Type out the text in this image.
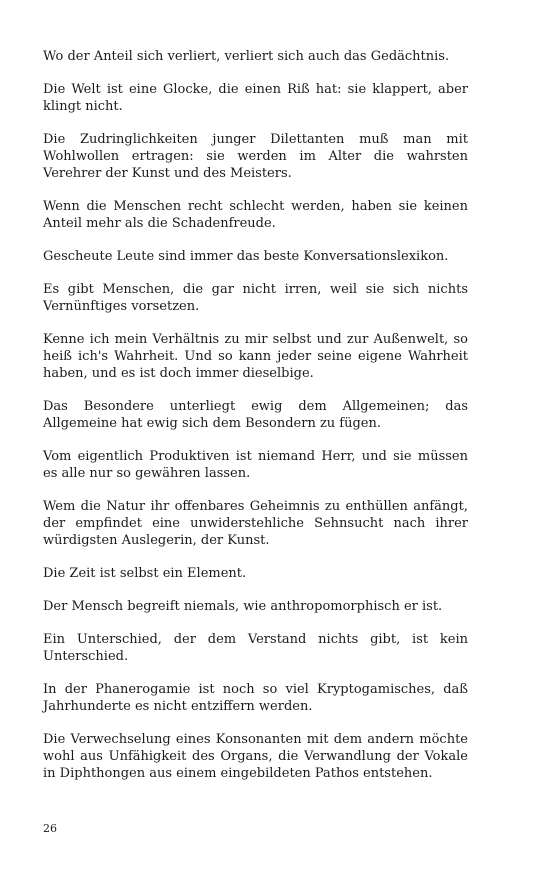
Wo der Anteil sich verliert, verliert sich auch das Gedächtnis.

Die Welt ist eine Glocke, die einen Riß hat: sie klappert, aber klingt nicht.

Die Zudringlichkeiten junger Dilettanten muß man mit Wohlwollen ertragen: sie werden im Alter die wahrsten Verehrer der Kunst und des Meisters.

Wenn die Menschen recht schlecht werden, haben sie keinen Anteil mehr als die Schadenfreude.

Gescheute Leute sind immer das beste Konversationslexikon.

Es gibt Menschen, die gar nicht irren, weil sie sich nichts Vernünftiges vorsetzen.

Kenne ich mein Verhältnis zu mir selbst und zur Außenwelt, so heiß ich's Wahrheit. Und so kann jeder seine eigene Wahrheit haben, und es ist doch immer dieselbige.

Das Besondere unterliegt ewig dem Allgemeinen; das Allgemeine hat ewig sich dem Besondern zu fügen.

Vom eigentlich Produktiven ist niemand Herr, und sie müssen es alle nur so gewähren lassen.

Wem die Natur ihr offenbares Geheimnis zu enthüllen anfängt, der empfindet eine unwiderstehliche Sehnsucht nach ihrer würdigsten Auslegerin, der Kunst.

Die Zeit ist selbst ein Element.

Der Mensch begreift niemals, wie anthropomorphisch er ist.

Ein Unterschied, der dem Verstand nichts gibt, ist kein Unterschied.

In der Phanerogamie ist noch so viel Kryptogamisches, daß Jahrhunderte es nicht entziffern werden.

Die Verwechselung eines Konsonanten mit dem andern möchte wohl aus Unfähigkeit des Organs, die Verwandlung der Vokale in Diphthongen aus einem eingebildeten Pathos entstehen.

26
